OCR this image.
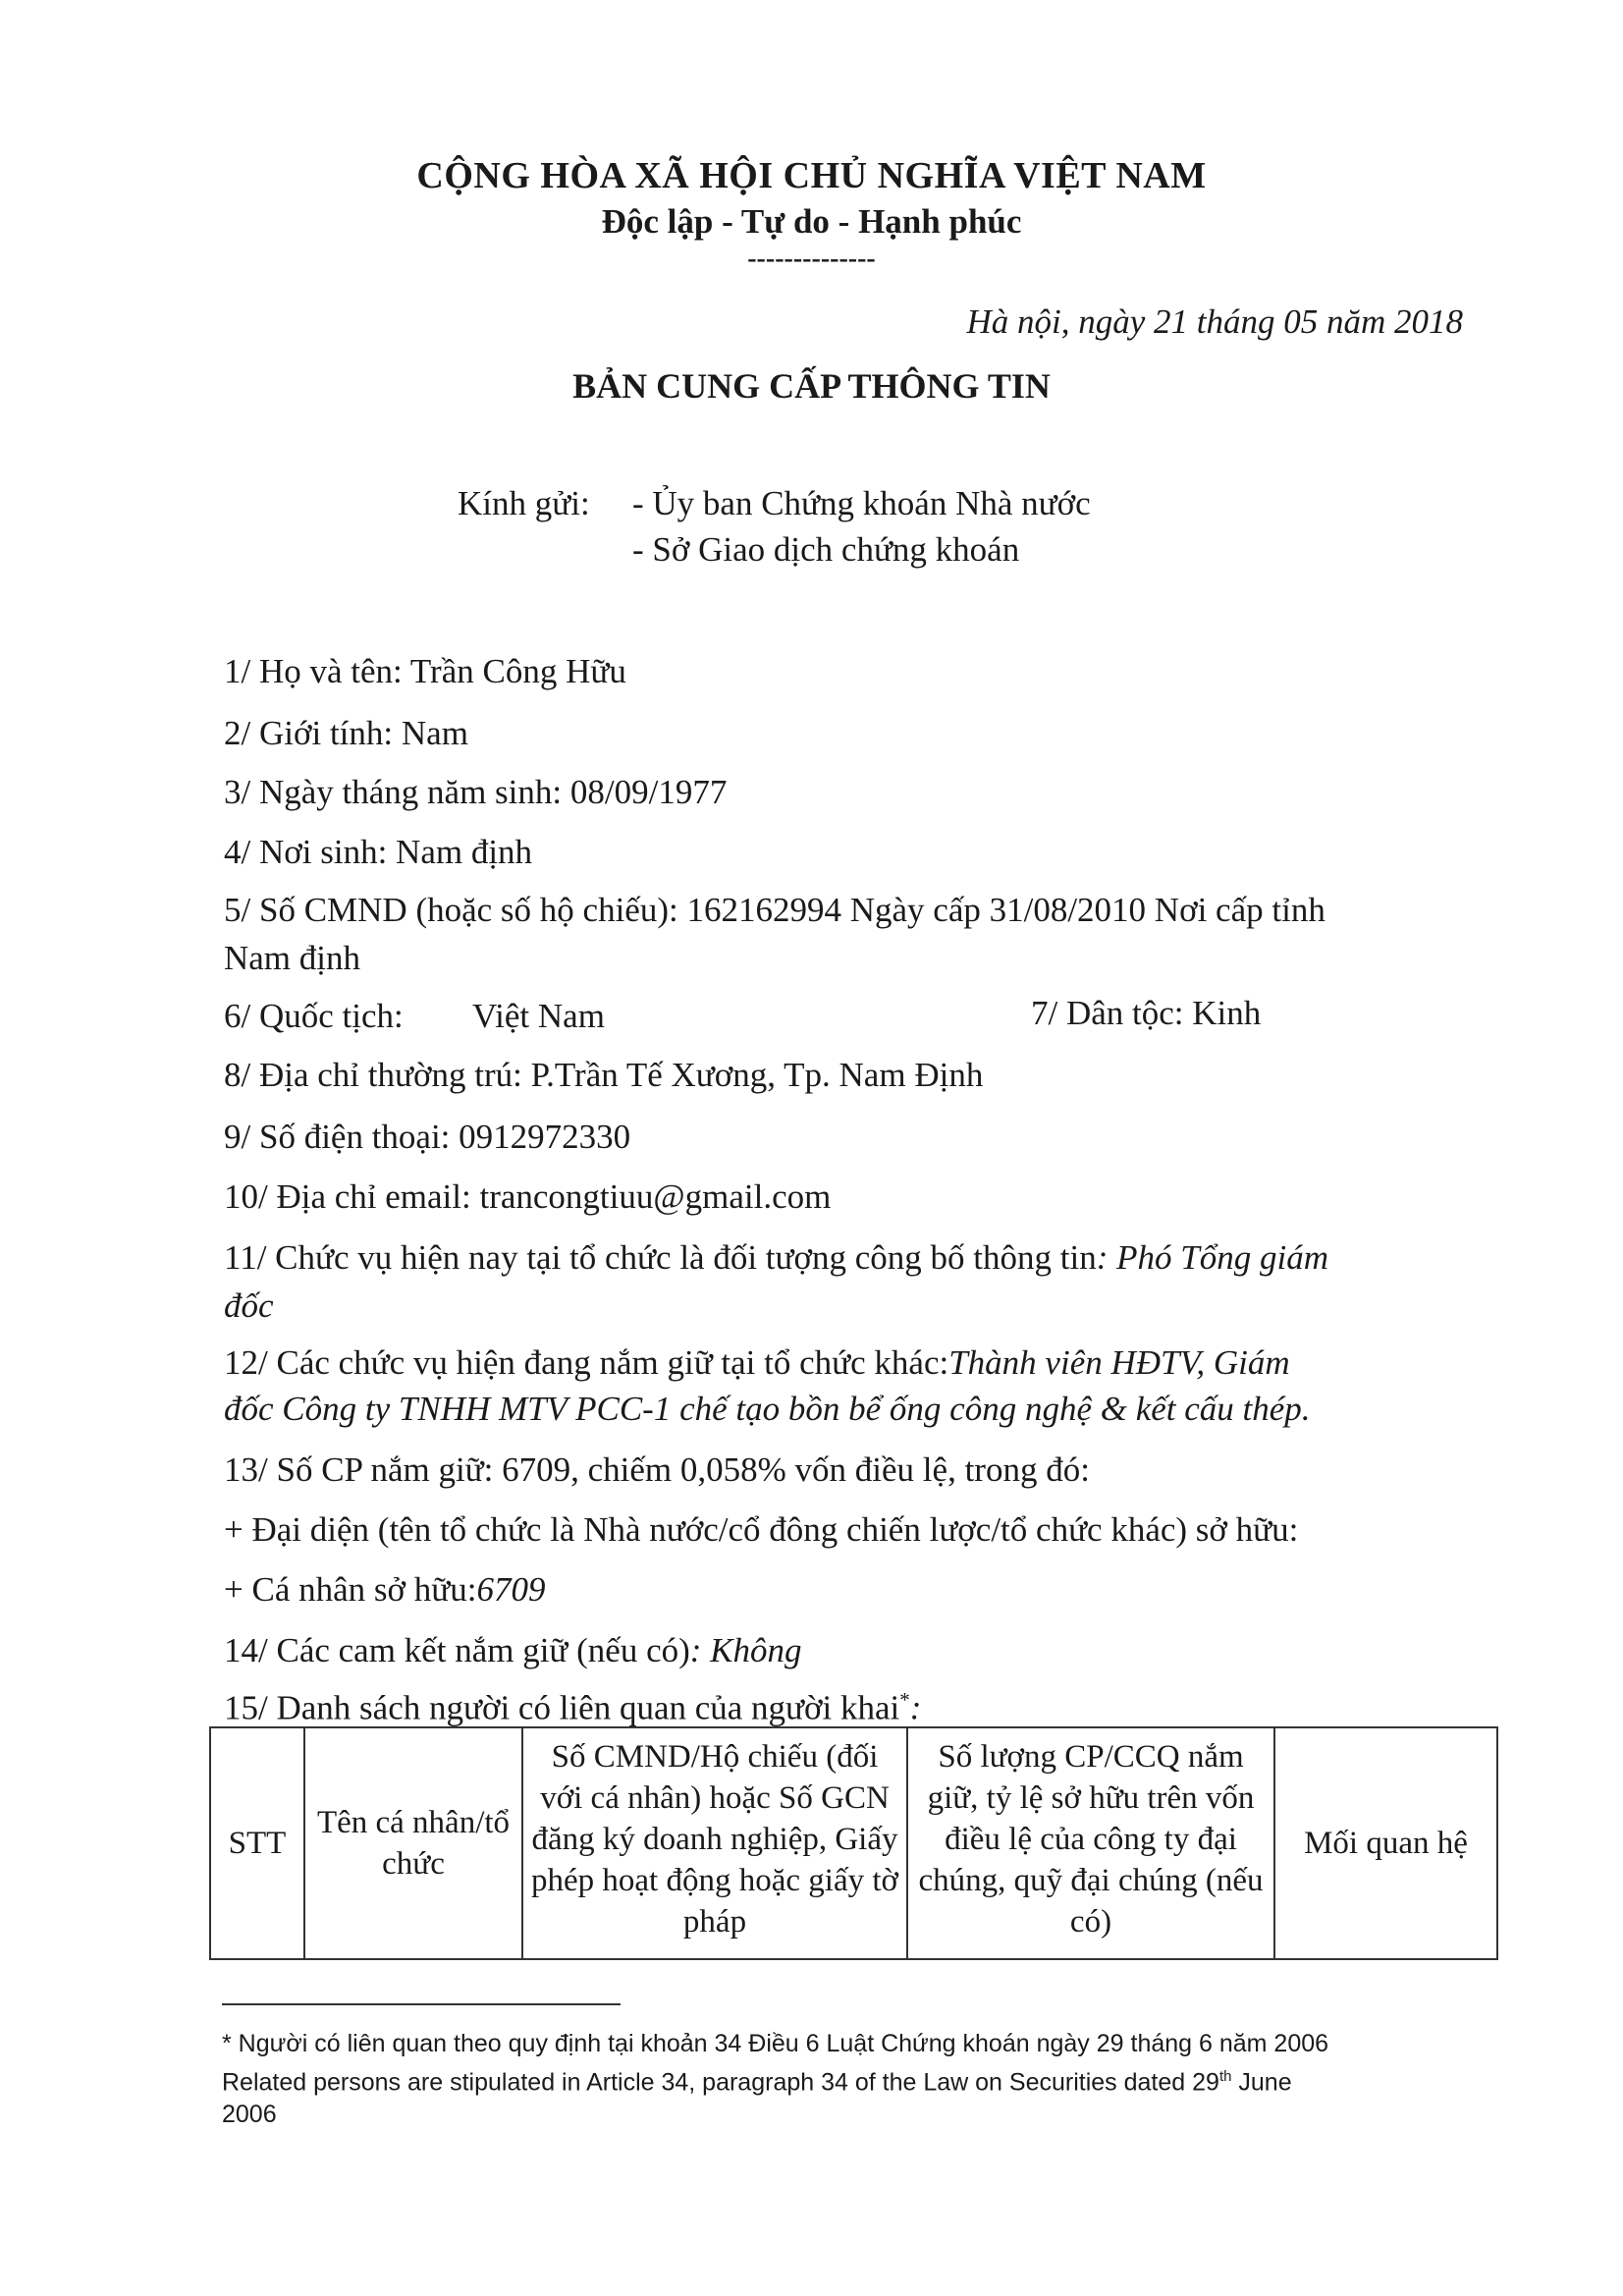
CỘNG HÒA XÃ HỘI CHỦ NGHĨA VIỆT NAM
Độc lập - Tự do - Hạnh phúc
--------------
Hà nội, ngày 21 tháng 05 năm 2018
BẢN CUNG CẤP THÔNG TIN
Kính gửi: - Ủy ban Chứng khoán Nhà nước
- Sở Giao dịch chứng khoán
1/ Họ và tên: Trần Công Hữu
2/ Giới tính: Nam
3/ Ngày tháng năm sinh: 08/09/1977
4/ Nơi sinh: Nam định
5/ Số CMND (hoặc số hộ chiếu): 162162994 Ngày cấp 31/08/2010 Nơi cấp tỉnh
Nam định
6/ Quốc tịch: Việt Nam	7/ Dân tộc: Kinh
8/ Địa chỉ thường trú: P.Trần Tế Xương, Tp. Nam Định
9/ Số điện thoại: 0912972330
10/ Địa chỉ email: trancongtiuu@gmail.com
11/ Chức vụ hiện nay tại tổ chức là đối tượng công bố thông tin: Phó Tổng giám
đốc
12/ Các chức vụ hiện đang nắm giữ tại tổ chức khác:Thành viên HĐTV, Giám
đốc Công ty TNHH MTV PCC-1 chế tạo bồn bể ống công nghệ & kết cấu thép.
13/ Số CP nắm giữ: 6709, chiếm 0,058% vốn điều lệ, trong đó:
+ Đại diện (tên tổ chức là Nhà nước/cổ đông chiến lược/tổ chức khác) sở hữu:
+ Cá nhân sở hữu:6709
14/ Các cam kết nắm giữ (nếu có): Không
15/ Danh sách người có liên quan của người khai*:
STT	Tên cá nhân/tổ chức	Số CMND/Hộ chiếu (đối với cá nhân) hoặc Số GCN đăng ký doanh nghiệp, Giấy phép hoạt động hoặc giấy tờ pháp	Số lượng CP/CCQ nắm giữ, tỷ lệ sở hữu trên vốn điều lệ của công ty đại chúng, quỹ đại chúng (nếu có)	Mối quan hệ
* Người có liên quan theo quy định tại khoản 34 Điều 6 Luật Chứng khoán ngày 29 tháng 6 năm 2006
Related persons are stipulated in Article 34, paragraph 34 of the Law on Securities dated 29th June
2006
